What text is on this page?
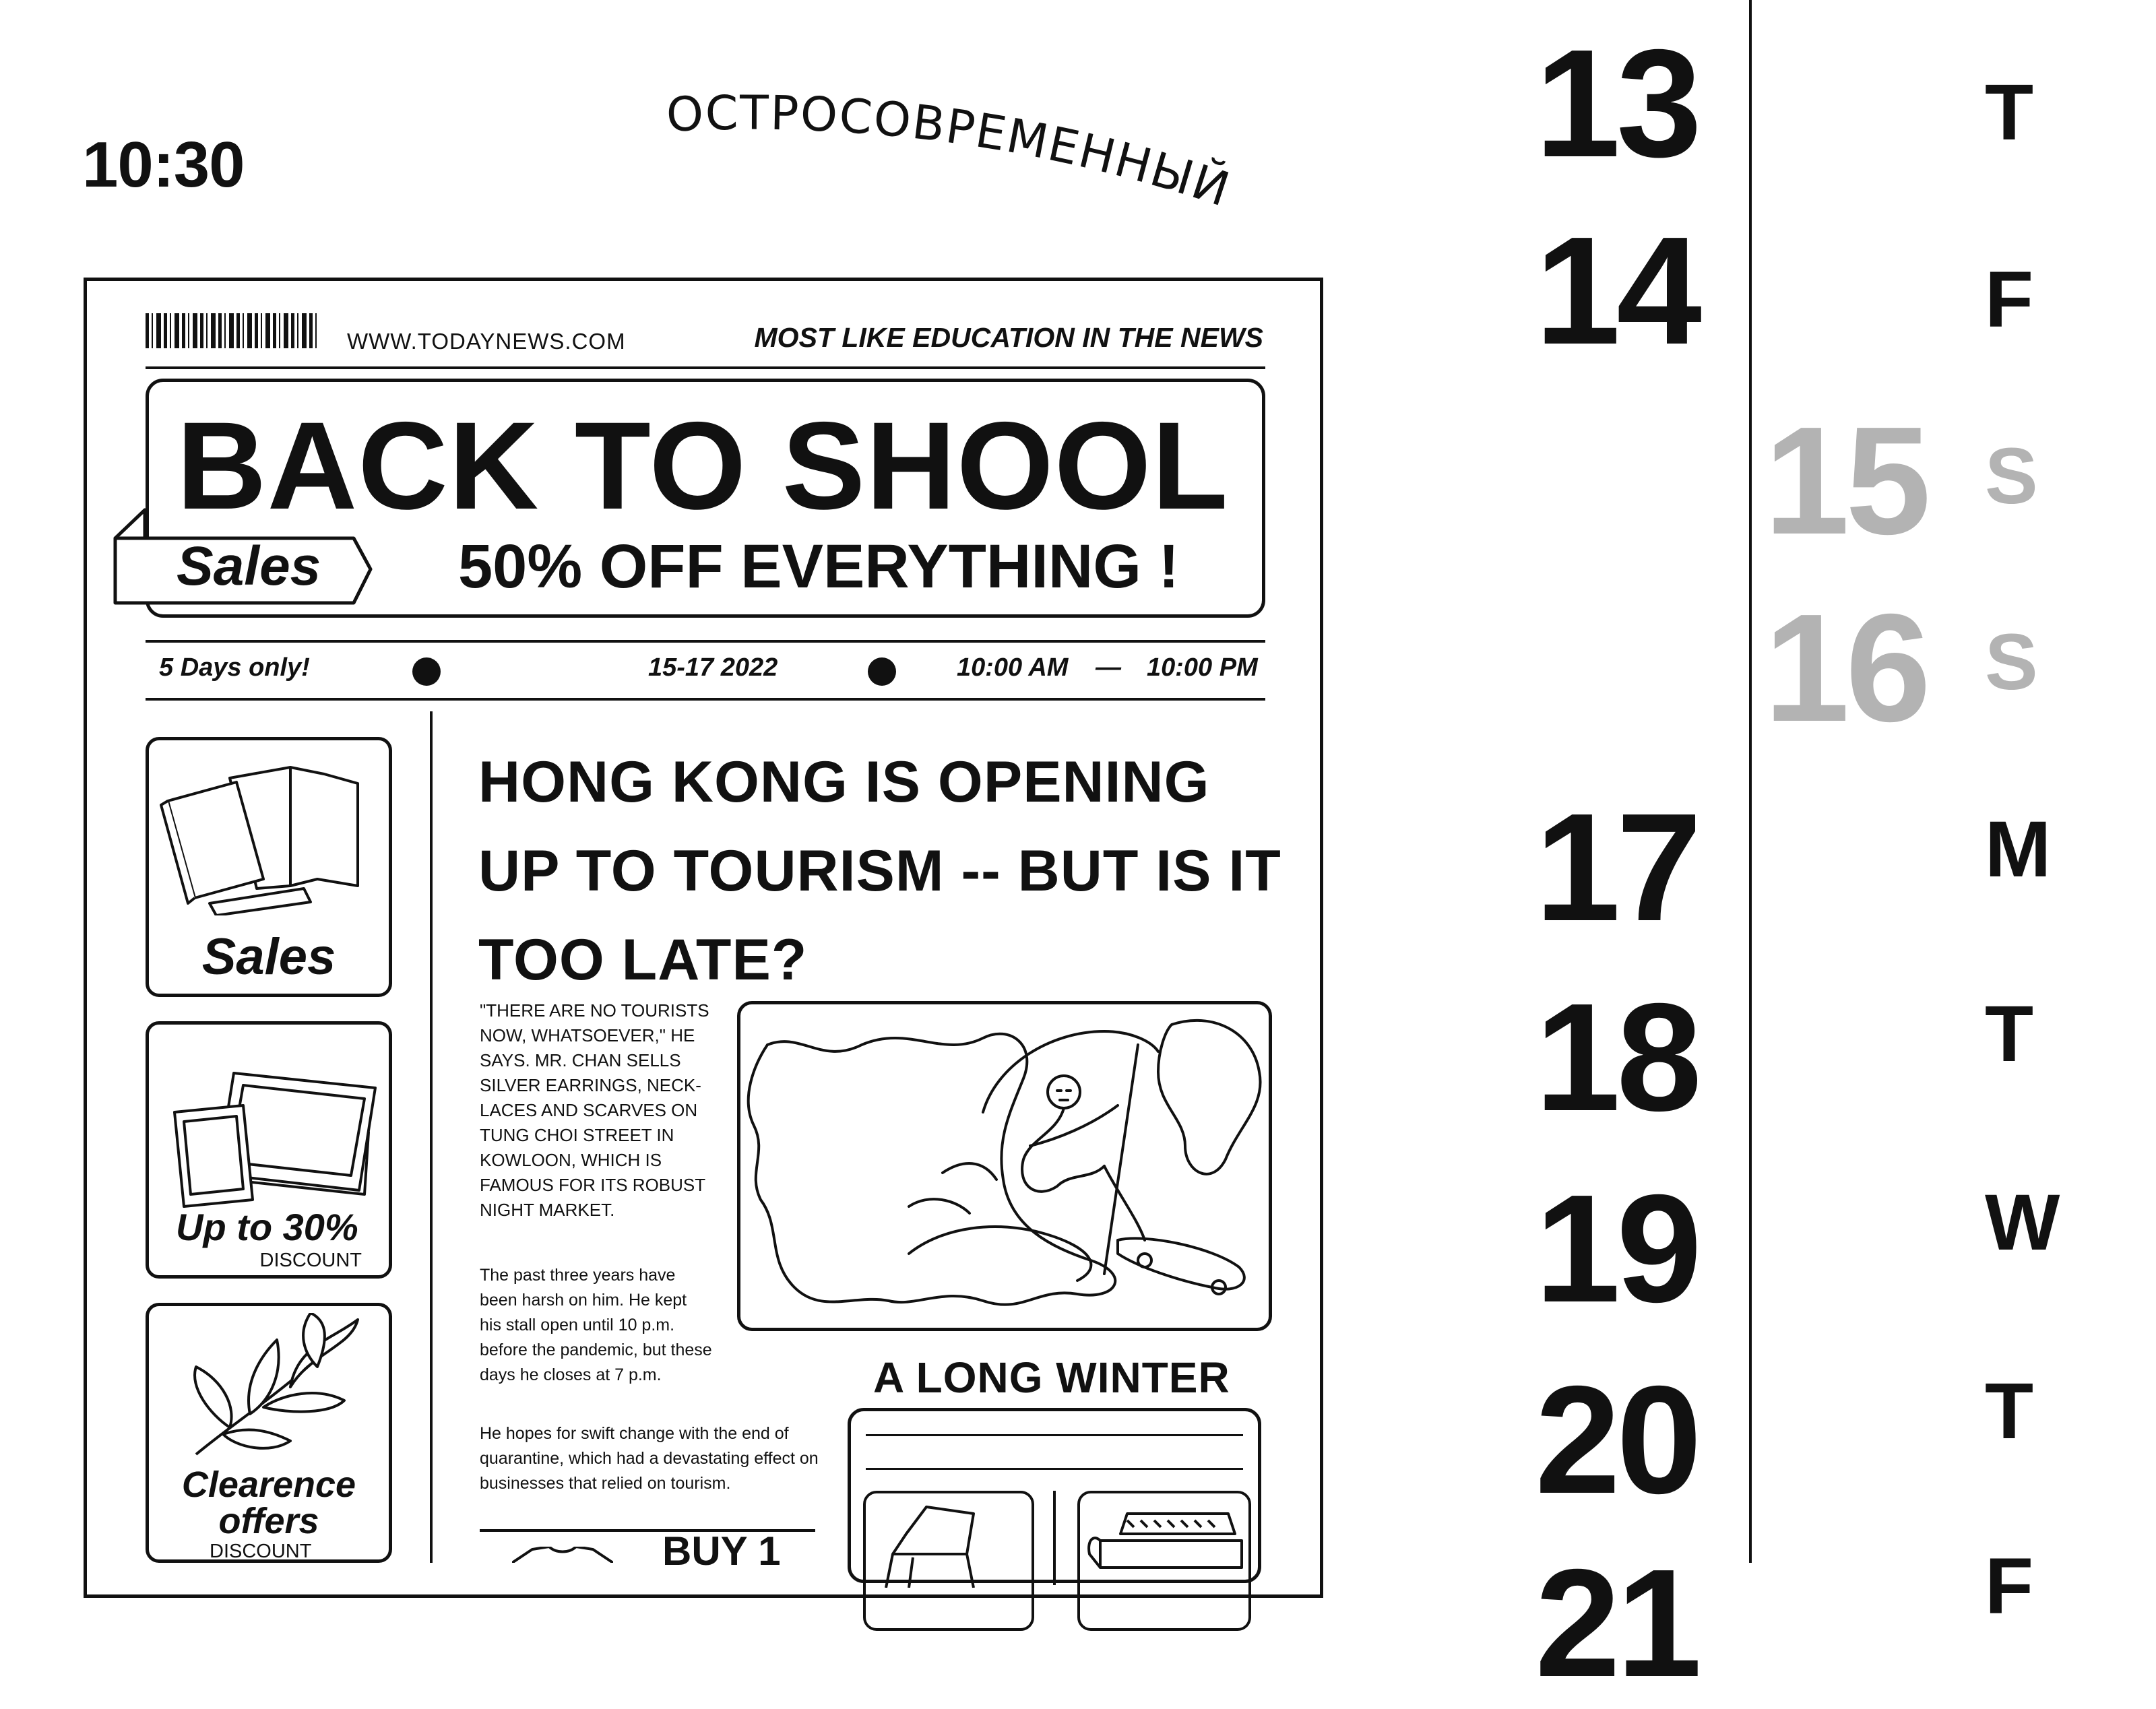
10:30
ОСТРОСОВРЕМЕННЫЙ
WWW.TODAYNEWS.COM	MOST LIKE EDUCATION IN THE NEWS
BACK TO SHOOL
50% OFF EVERYTHING !
Sales
5 Days only!	15-17 2022	10:00 AM — 10:00 PM
Sales
Up to 30%
DISCOUNT
Clearence offers
DISCOUNT
HONG KONG IS OPENING UP TO TOURISM -- BUT IS IT TOO LATE?
"THERE ARE NO TOURISTS NOW, WHATSOEVER," HE SAYS. MR. CHAN SELLS SILVER EARRINGS, NECK-LACES AND SCARVES ON TUNG CHOI STREET IN KOWLOON, WHICH IS FAMOUS FOR ITS ROBUST NIGHT MARKET.
The past three years have been harsh on him. He kept his stall open until 10 p.m. before the pandemic, but these days he closes at 7 p.m.	A LONG WINTER
He hopes for swift change with the end of quarantine, which had a devastating effect on businesses that relied on tourism.
BUY 1
13	T
14	F
15 S
16 S
17	M
18	T
19	W
20	T
21	F
